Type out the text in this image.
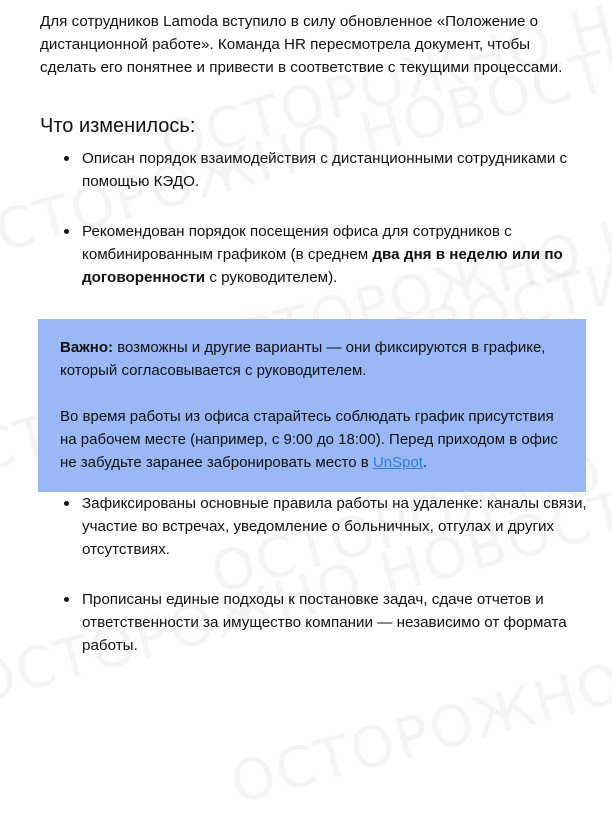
Для сотрудников Lamoda вступило в силу обновленное «Положение о дистанционной работе». Команда HR пересмотрела документ, чтобы сделать его понятнее и привести в соответствие с текущими процессами.

Что изменилось:
Описан порядок взаимодействия с дистанционными сотрудниками с помощью КЭДО.
Рекомендован порядок посещения офиса для сотрудников с комбинированным графиком (в среднем два дня в неделю или по договоренности с руководителем).

Важно: возможны и другие варианты — они фиксируются в графике, который согласовывается с руководителем.

Во время работы из офиса старайтесь соблюдать график присутствия на рабочем месте (например, с 9:00 до 18:00). Перед приходом в офис не забудьте заранее забронировать место в UnSpot.

Зафиксированы основные правила работы на удаленке: каналы связи, участие во встречах, уведомление о больничных, отгулах и других отсутствиях.
Прописаны единые подходы к постановке задач, сдаче отчетов и ответственности за имущество компании — независимо от формата работы.
